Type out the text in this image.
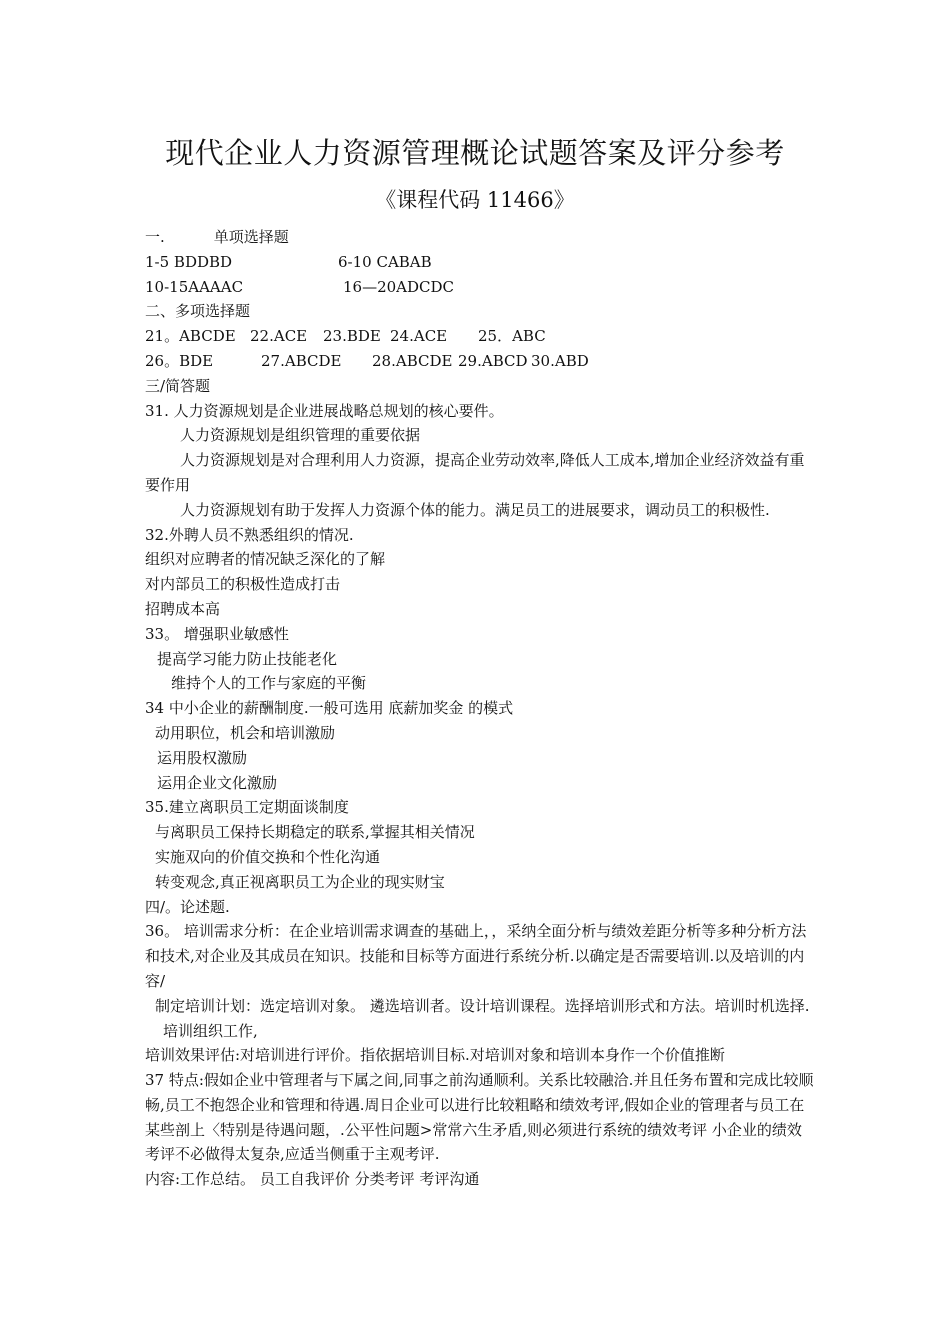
现代企业人力资源管理概论试题答案及评分参考
《课程代码 11466》
一.	单项选择题
1-5 BDDBD	6-10 CABAB
10-15AAAAC	16—20ADCDC
二、多项选择题
21。ABCDE 22.ACE 23.BDE 24.ACE 25．ABC
26。BDE	27.ABCDE 28.ABCDE 29.ABCD 30.ABD
三/简答题
31. 人力资源规划是企业进展战略总规划的核心要件。
人力资源规划是组织管理的重要依据
人力资源规划是对合理利用人力资源，提高企业劳动效率,降低人工成本,增加企业经济效益有重要作用
人力资源规划有助于发挥人力资源个体的能力。满足员工的进展要求，调动员工的积极性.
32.外聘人员不熟悉组织的情况.
组织对应聘者的情况缺乏深化的了解
对内部员工的积极性造成打击
招聘成本高
33。 增强职业敏感性
提高学习能力防止技能老化
维持个人的工作与家庭的平衡
34 中小企业的薪酬制度.一般可选用 底薪加奖金 的模式
动用职位，机会和培训激励
运用股权激励
运用企业文化激励
35.建立离职员工定期面谈制度
与离职员工保持长期稳定的联系,掌握其相关情况
实施双向的价值交换和个性化沟通
转变观念,真正视离职员工为企业的现实财宝
四/。论述题.
36。 培训需求分析：在企业培训需求调查的基础上，，采纳全面分析与绩效差距分析等多种分析方法和技术,对企业及其成员在知识。技能和目标等方面进行系统分析.以确定是否需要培训.以及培训的内容/
制定培训计划：选定培训对象。 遴选培训者。设计培训课程。选择培训形式和方法。培训时机选择.培训组织工作,
培训效果评估:对培训进行评价。指依据培训目标.对培训对象和培训本身作一个价值推断
37 特点:假如企业中管理者与下属之间,同事之前沟通顺利。关系比较融洽.并且任务布置和完成比较顺畅,员工不抱怨企业和管理和待遇.周日企业可以进行比较粗略和绩效考评,假如企业的管理者与员工在某些剖上〈特别是待遇问题，.公平性问题>常常六生矛盾,则必须进行系统的绩效考评 小企业的绩效考评不必做得太复杂,应适当侧重于主观考评.
内容:工作总结。 员工自我评价 分类考评 考评沟通
